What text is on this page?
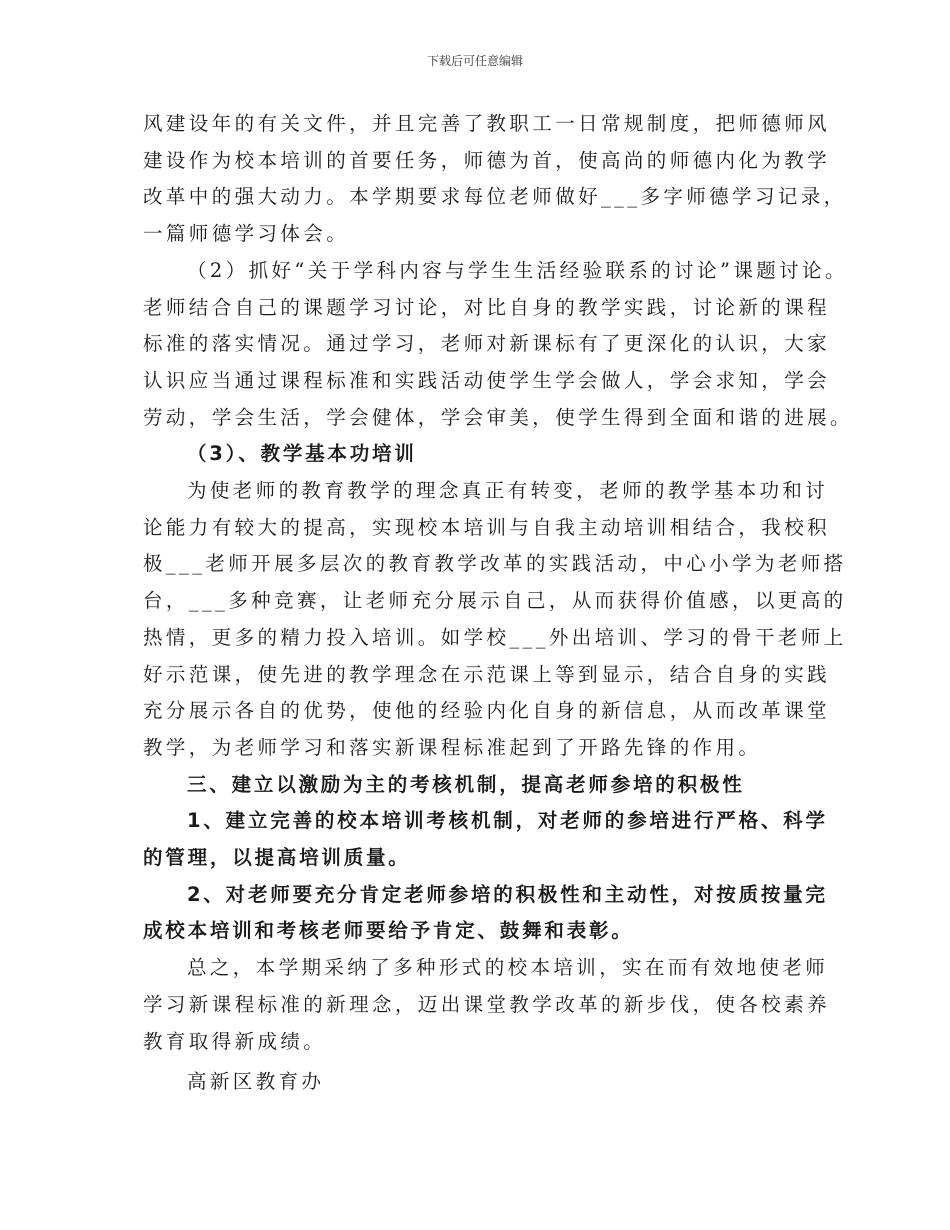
下载后可任意编辑

风建设年的有关文件，并且完善了教职工一日常规制度，把师德师风
建设作为校本培训的首要任务，师德为首，使高尚的师德内化为教学
改革中的强大动力。本学期要求每位老师做好___多字师德学习记录，
一篇师德学习体会。

（2）抓好“关于学科内容与学生生活经验联系的讨论”课题讨论。
老师结合自己的课题学习讨论，对比自身的教学实践，讨论新的课程
标准的落实情况。通过学习，老师对新课标有了更深化的认识，大家
认识应当通过课程标准和实践活动使学生学会做人，学会求知，学会
劳动，学会生活，学会健体，学会审美，使学生得到全面和谐的进展。

（3）、教学基本功培训

为使老师的教育教学的理念真正有转变，老师的教学基本功和讨
论能力有较大的提高，实现校本培训与自我主动培训相结合，我校积
极___老师开展多层次的教育教学改革的实践活动，中心小学为老师搭
台，___多种竞赛，让老师充分展示自己，从而获得价值感，以更高的
热情，更多的精力投入培训。如学校___外出培训、学习的骨干老师上
好示范课，使先进的教学理念在示范课上等到显示，结合自身的实践
充分展示各自的优势，使他的经验内化自身的新信息，从而改革课堂
教学，为老师学习和落实新课程标准起到了开路先锋的作用。

三、建立以激励为主的考核机制，提高老师参培的积极性

1、建立完善的校本培训考核机制，对老师的参培进行严格、科学
的管理，以提高培训质量。

2、对老师要充分肯定老师参培的积极性和主动性，对按质按量完
成校本培训和考核老师要给予肯定、鼓舞和表彰。

总之，本学期采纳了多种形式的校本培训，实在而有效地使老师
学习新课程标准的新理念，迈出课堂教学改革的新步伐，使各校素养
教育取得新成绩。

高新区教育办
